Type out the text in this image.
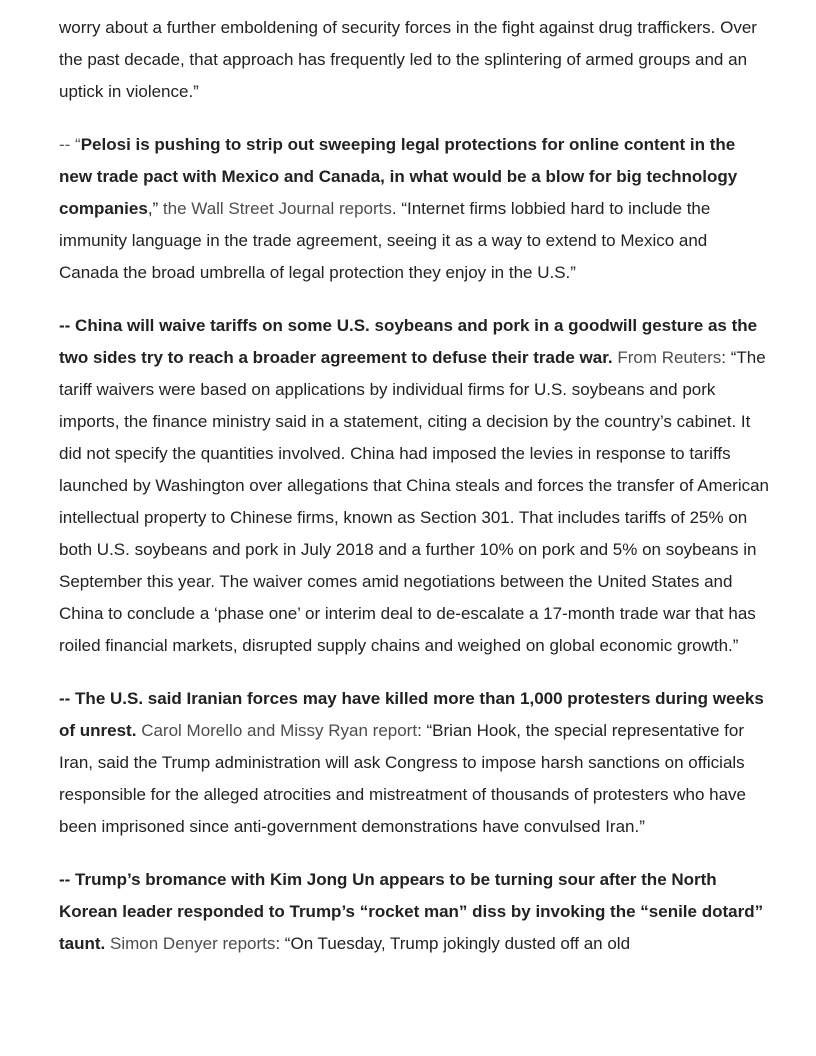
worry about a further emboldening of security forces in the fight against drug traffickers. Over the past decade, that approach has frequently led to the splintering of armed groups and an uptick in violence.”

-- “Pelosi is pushing to strip out sweeping legal protections for online content in the new trade pact with Mexico and Canada, in what would be a blow for big technology companies,” the Wall Street Journal reports. “Internet firms lobbied hard to include the immunity language in the trade agreement, seeing it as a way to extend to Mexico and Canada the broad umbrella of legal protection they enjoy in the U.S.”

-- China will waive tariffs on some U.S. soybeans and pork in a goodwill gesture as the two sides try to reach a broader agreement to defuse their trade war. From Reuters: “The tariff waivers were based on applications by individual firms for U.S. soybeans and pork imports, the finance ministry said in a statement, citing a decision by the country’s cabinet. It did not specify the quantities involved. China had imposed the levies in response to tariffs launched by Washington over allegations that China steals and forces the transfer of American intellectual property to Chinese firms, known as Section 301. That includes tariffs of 25% on both U.S. soybeans and pork in July 2018 and a further 10% on pork and 5% on soybeans in September this year. The waiver comes amid negotiations between the United States and China to conclude a ‘phase one’ or interim deal to de-escalate a 17-month trade war that has roiled financial markets, disrupted supply chains and weighed on global economic growth.”

-- The U.S. said Iranian forces may have killed more than 1,000 protesters during weeks of unrest. Carol Morello and Missy Ryan report: “Brian Hook, the special representative for Iran, said the Trump administration will ask Congress to impose harsh sanctions on officials responsible for the alleged atrocities and mistreatment of thousands of protesters who have been imprisoned since anti-government demonstrations have convulsed Iran.”

-- Trump’s bromance with Kim Jong Un appears to be turning sour after the North Korean leader responded to Trump’s “rocket man” diss by invoking the “senile dotard” taunt. Simon Denyer reports: “On Tuesday, Trump jokingly dusted off an old
